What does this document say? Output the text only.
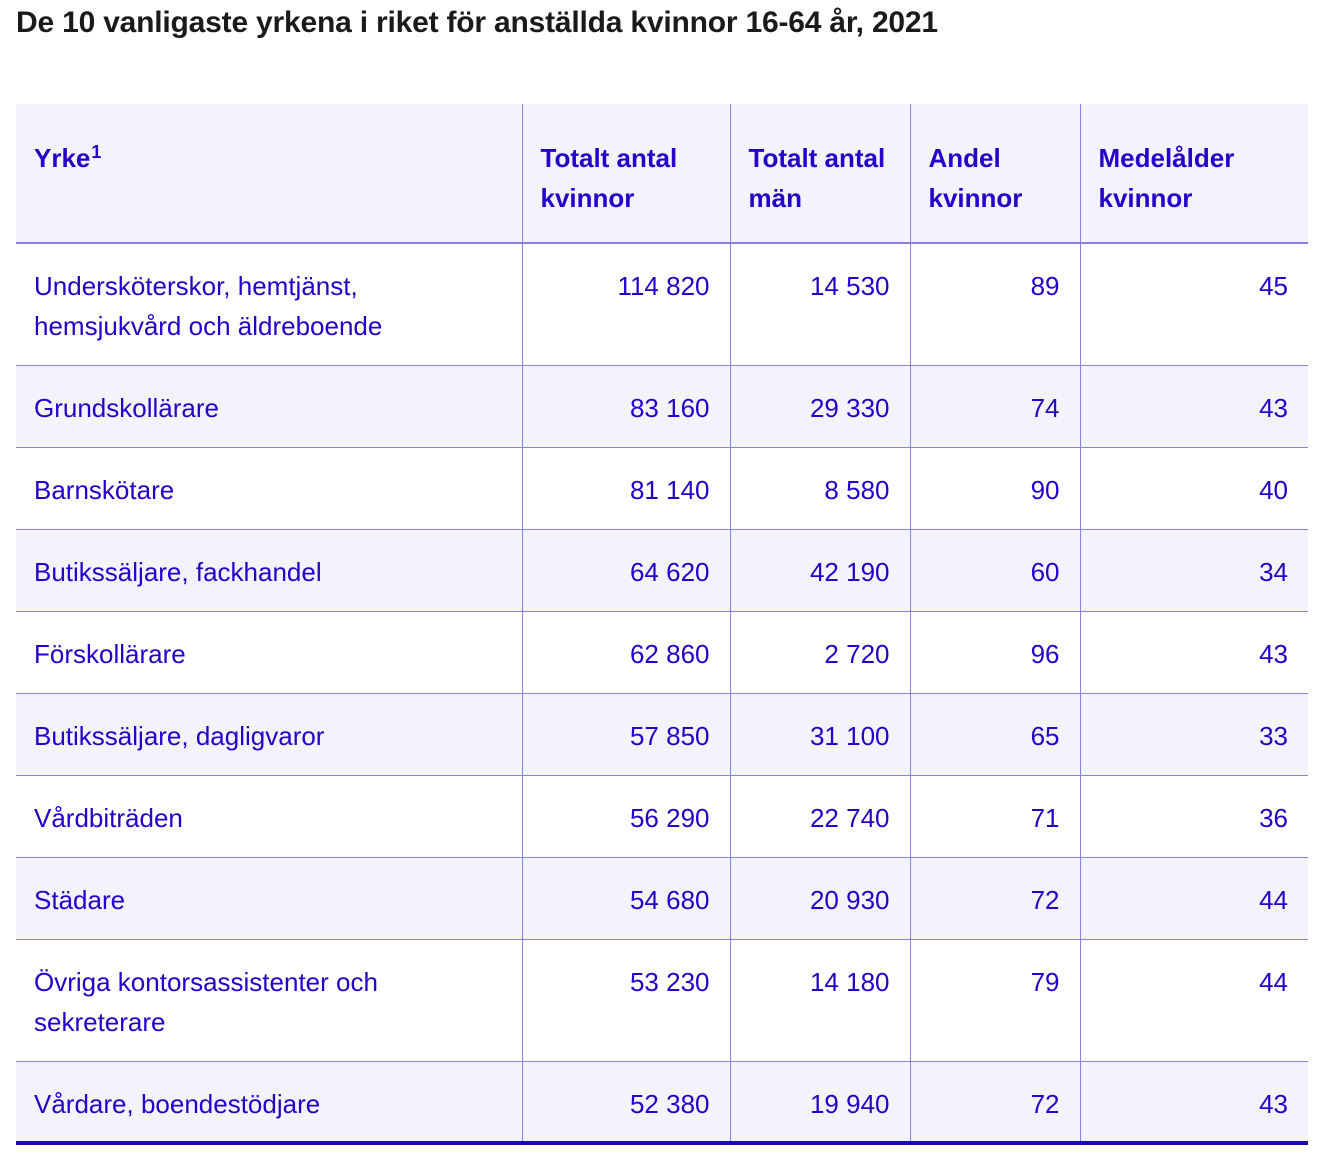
De 10 vanligaste yrkena i riket för anställda kvinnor 16-64 år, 2021
Yrke$^1$	Totalt antal kvinnor	Totalt antal män	Andel kvinnor	Medelålder kvinnor
Undersköterskor, hemtjänst, hemsjukvård och äldreboende	114 820	14 530	89	45
Grundskollärare	83 160	29 330	74	43
Barnskötare	81 140	8 580	90	40
Butikssäljare, fackhandel	64 620	42 190	60	34
Förskollärare	62 860	2 720	96	43
Butikssäljare, dagligvaror	57 850	31 100	65	33
Vårdbiträden	56 290	22 740	71	36
Städare	54 680	20 930	72	44
Övriga kontorsassistenter och sekreterare	53 230	14 180	79	44
Vårdare, boendestödjare	52 380	19 940	72	43
